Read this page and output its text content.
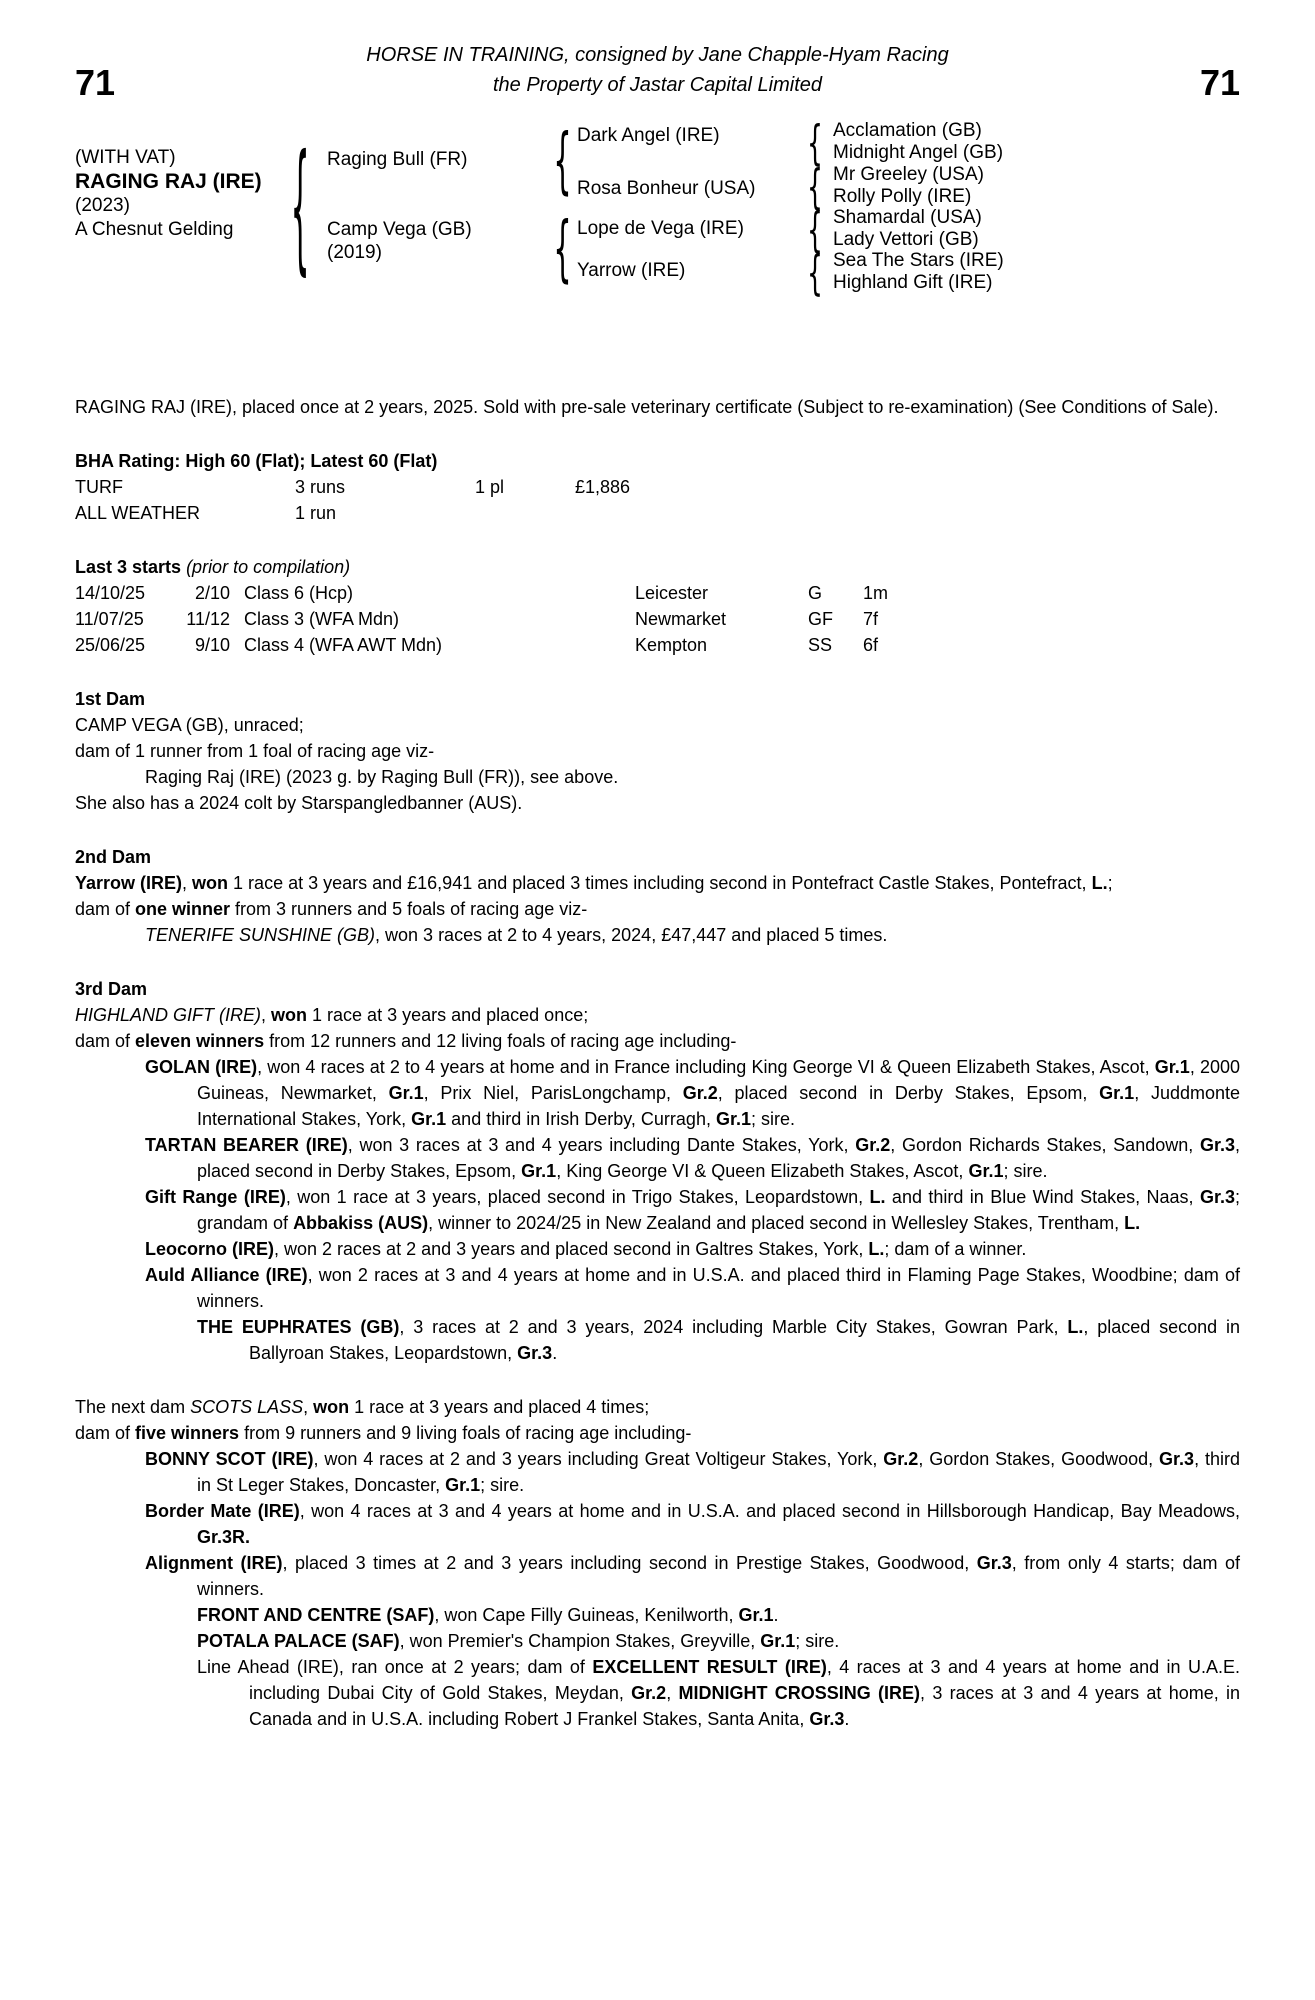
71
HORSE IN TRAINING, consigned by Jane Chapple-Hyam Racing
the Property of Jastar Capital Limited	71
(WITH VAT)
RAGING RAJ (IRE)
(2023)
A Chesnut Gelding
{
Raging Bull (FR)
Camp Vega (GB)
(2019)
{
{
Dark Angel (IRE)
Rosa Bonheur (USA)
Lope de Vega (IRE)
Yarrow (IRE)
{
{
{
{
Acclamation (GB)
Midnight Angel (GB)
Mr Greeley (USA)
Rolly Polly (IRE)
Shamardal (USA)
Lady Vettori (GB)
Sea The Stars (IRE)
Highland Gift (IRE)

RAGING RAJ (IRE), placed once at 2 years, 2025. Sold with pre-sale veterinary certificate (Subject to re-examination) (See Conditions of Sale).

BHA Rating: High 60 (Flat); Latest 60 (Flat)

TURF	3 runs	1 pl	£1,886
ALL WEATHER	1 run

Last 3 starts (prior to compilation)

14/10/25	2/10 Class 6 (Hcp)	Leicester	G	1m
11/07/25	11/12 Class 3 (WFA Mdn)	Newmarket	GF	7f
25/06/25	9/10 Class 4 (WFA AWT Mdn)	Kempton	SS	6f

1st Dam

CAMP VEGA (GB), unraced;

dam of 1 runner from 1 foal of racing age viz-

Raging Raj (IRE) (2023 g. by Raging Bull (FR)), see above.

She also has a 2024 colt by Starspangledbanner (AUS).

2nd Dam

Yarrow (IRE), won 1 race at 3 years and £16,941 and placed 3 times including second in Pontefract Castle Stakes, Pontefract, L.;

dam of one winner from 3 runners and 5 foals of racing age viz-

TENERIFE SUNSHINE (GB), won 3 races at 2 to 4 years, 2024, £47,447 and placed 5 times.

3rd Dam

HIGHLAND GIFT (IRE), won 1 race at 3 years and placed once;

dam of eleven winners from 12 runners and 12 living foals of racing age including-

GOLAN (IRE), won 4 races at 2 to 4 years at home and in France including King George VI & Queen Elizabeth Stakes, Ascot, Gr.1, 2000 Guineas, Newmarket, Gr.1, Prix Niel, ParisLongchamp, Gr.2, placed second in Derby Stakes, Epsom, Gr.1, Juddmonte International Stakes, York, Gr.1 and third in Irish Derby, Curragh, Gr.1; sire.

TARTAN BEARER (IRE), won 3 races at 3 and 4 years including Dante Stakes, York, Gr.2, Gordon Richards Stakes, Sandown, Gr.3, placed second in Derby Stakes, Epsom, Gr.1, King George VI & Queen Elizabeth Stakes, Ascot, Gr.1; sire.

Gift Range (IRE), won 1 race at 3 years, placed second in Trigo Stakes, Leopardstown, L. and third in Blue Wind Stakes, Naas, Gr.3; grandam of Abbakiss (AUS), winner to 2024/25 in New Zealand and placed second in Wellesley Stakes, Trentham, L.

Leocorno (IRE), won 2 races at 2 and 3 years and placed second in Galtres Stakes, York, L.; dam of a winner.

Auld Alliance (IRE), won 2 races at 3 and 4 years at home and in U.S.A. and placed third in Flaming Page Stakes, Woodbine; dam of winners.

THE EUPHRATES (GB), 3 races at 2 and 3 years, 2024 including Marble City Stakes, Gowran Park, L., placed second in Ballyroan Stakes, Leopardstown, Gr.3.

The next dam SCOTS LASS, won 1 race at 3 years and placed 4 times;

dam of five winners from 9 runners and 9 living foals of racing age including-

BONNY SCOT (IRE), won 4 races at 2 and 3 years including Great Voltigeur Stakes, York, Gr.2, Gordon Stakes, Goodwood, Gr.3, third in St Leger Stakes, Doncaster, Gr.1; sire.

Border Mate (IRE), won 4 races at 3 and 4 years at home and in U.S.A. and placed second in Hillsborough Handicap, Bay Meadows, Gr.3R.

Alignment (IRE), placed 3 times at 2 and 3 years including second in Prestige Stakes, Goodwood, Gr.3, from only 4 starts; dam of winners.

FRONT AND CENTRE (SAF), won Cape Filly Guineas, Kenilworth, Gr.1.

POTALA PALACE (SAF), won Premier's Champion Stakes, Greyville, Gr.1; sire.

Line Ahead (IRE), ran once at 2 years; dam of EXCELLENT RESULT (IRE), 4 races at 3 and 4 years at home and in U.A.E. including Dubai City of Gold Stakes, Meydan, Gr.2, MIDNIGHT CROSSING (IRE), 3 races at 3 and 4 years at home, in Canada and in U.S.A. including Robert J Frankel Stakes, Santa Anita, Gr.3.
